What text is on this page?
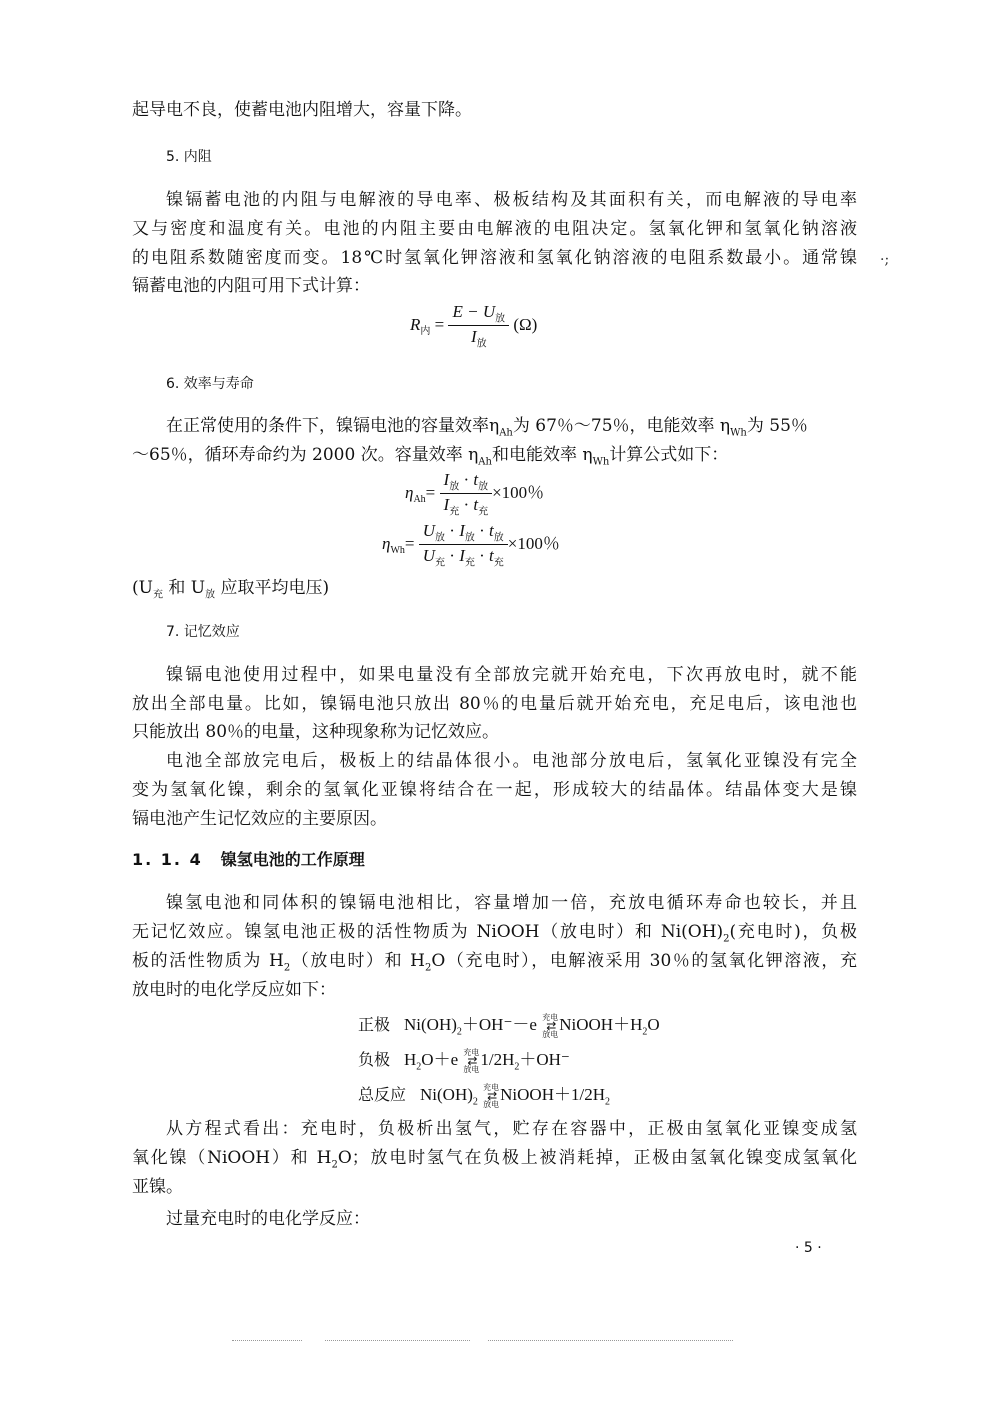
起导电不良，使蓄电池内阻增大，容量下降。
5. 内阻
镍镉蓄电池的内阻与电解液的导电率、极板结构及其面积有关，而电解液的导电率
又与密度和温度有关。电池的内阻主要由电解液的电阻决定。氢氧化钾和氢氧化钠溶液
的电阻系数随密度而变。18℃时氢氧化钾溶液和氢氧化钠溶液的电阻系数最小。通常镍
镉蓄电池的内阻可用下式计算：
$R_内 = \frac{E - U_放}{I_放} (\Omega)$
6. 效率与寿命
在正常使用的条件下，镍镉电池的容量效率$\eta_{Ah}$为 67％～75％，电能效率 $\eta_{Wh}$为 55％
～65％，循环寿命约为 2000 次。容量效率 $\eta_{Ah}$和电能效率 $\eta_{Wh}$计算公式如下：
$\eta_{Ah}= \frac{I_放 \cdot t_放}{I_充 \cdot t_充} \times 100$％
$\eta_{Wh}= \frac{U_放 \cdot I_放 \cdot t_放}{U_充 \cdot I_充 \cdot t_充} \times 100$％
($U_充$ 和 $U_放$ 应取平均电压)
7. 记忆效应
镍镉电池使用过程中，如果电量没有全部放完就开始充电，下次再放电时，就不能
放出全部电量。比如，镍镉电池只放出 80％的电量后就开始充电，充足电后，该电池也
只能放出 80％的电量，这种现象称为记忆效应。
电池全部放完电后，极板上的结晶体很小。电池部分放电后，氢氧化亚镍没有完全
变为氢氧化镍，剩余的氢氧化亚镍将结合在一起，形成较大的结晶体。结晶体变大是镍
镉电池产生记忆效应的主要原因。
1. 1. 4 镍氢电池的工作原理
镍氢电池和同体积的镍镉电池相比，容量增加一倍，充放电循环寿命也较长，并且
无记忆效应。镍氢电池正极的活性物质为 NiOOH（放电时）和 $Ni(OH)_2$(充电时)，负极
板的活性物质为 $H_2$（放电时）和 $H_2O$（充电时），电解液采用 30％的氢氧化钾溶液，充
放电时的电化学反应如下：
正极 $Ni(OH)_2+OH^--e$ 充电
⇄
放电
$NiOOH+H_2O$
负极 $H_2O+e$ 充电
⇄
放电
$1/2H_2+OH^-$
总反应 $Ni(OH)_2$
充电
⇄
放电
$NiOOH+1/2H_2$
从方程式看出：充电时，负极析出氢气，贮存在容器中，正极由氢氧化亚镍变成氢
氧化镍（NiOOH）和 $H_2O$；放电时氢气在负极上被消耗掉，正极由氢氧化镍变成氢氧化
亚镍。
过量充电时的电化学反应：
· 5 ·
·;
